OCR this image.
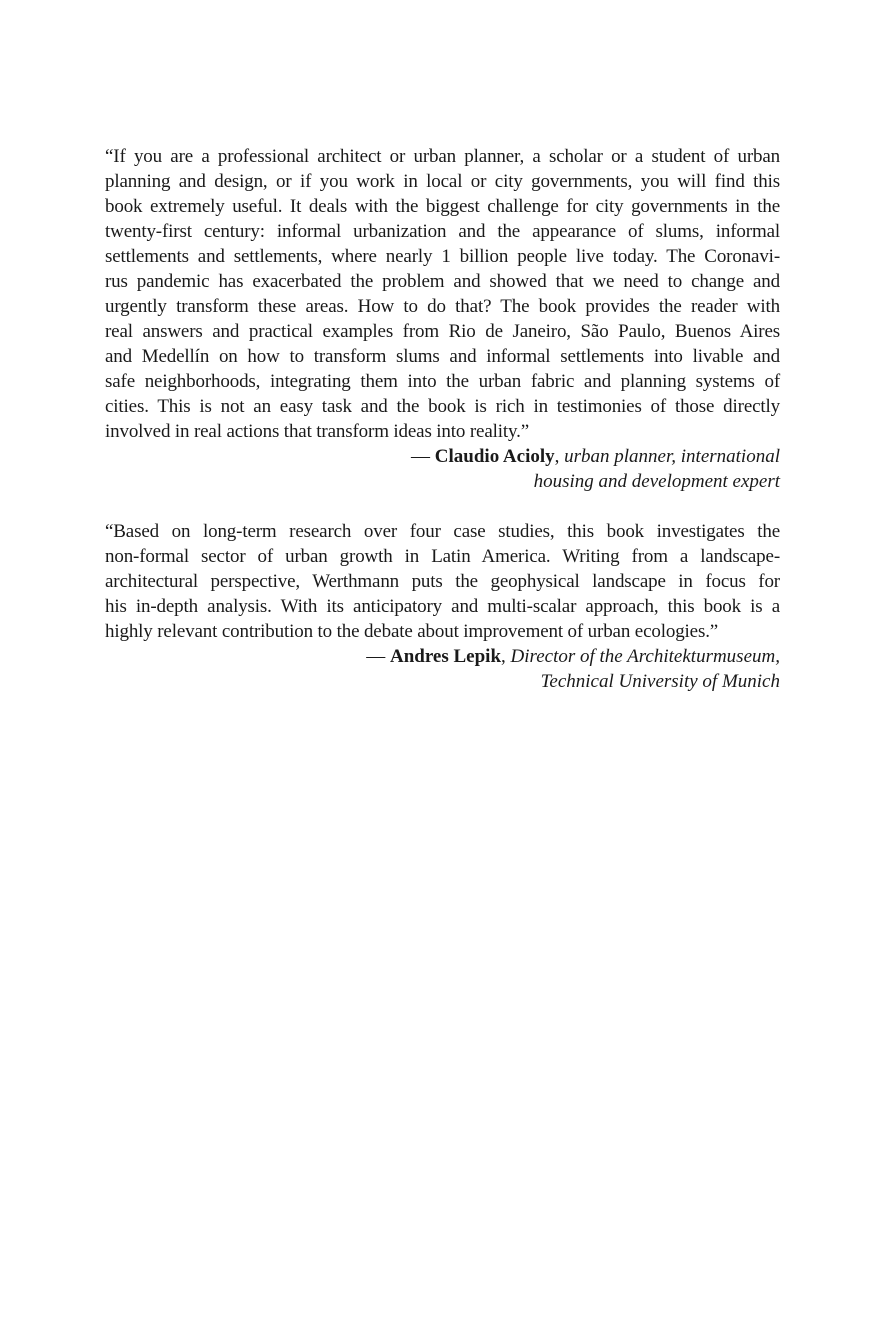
“If you are a professional architect or urban planner, a scholar or a student of urban
planning and design, or if you work in local or city governments, you will find this
book extremely useful. It deals with the biggest challenge for city governments in the
twenty-first century: informal urbanization and the appearance of slums, informal
settlements and settlements, where nearly 1 billion people live today. The Coronavi-
rus pandemic has exacerbated the problem and showed that we need to change and
urgently transform these areas. How to do that? The book provides the reader with
real answers and practical examples from Rio de Janeiro, São Paulo, Buenos Aires
and Medellín on how to transform slums and informal settlements into livable and
safe neighborhoods, integrating them into the urban fabric and planning systems of
cities. This is not an easy task and the book is rich in testimonies of those directly
involved in real actions that transform ideas into reality.”

— Claudio Acioly, urban planner, international
housing and development expert

“Based on long-term research over four case studies, this book investigates the
non-formal sector of urban growth in Latin America. Writing from a landscape-
architectural perspective, Werthmann puts the geophysical landscape in focus for
his in-depth analysis. With its anticipatory and multi-scalar approach, this book is a
highly relevant contribution to the debate about improvement of urban ecologies.”

— Andres Lepik, Director of the Architekturmuseum,
Technical University of Munich
